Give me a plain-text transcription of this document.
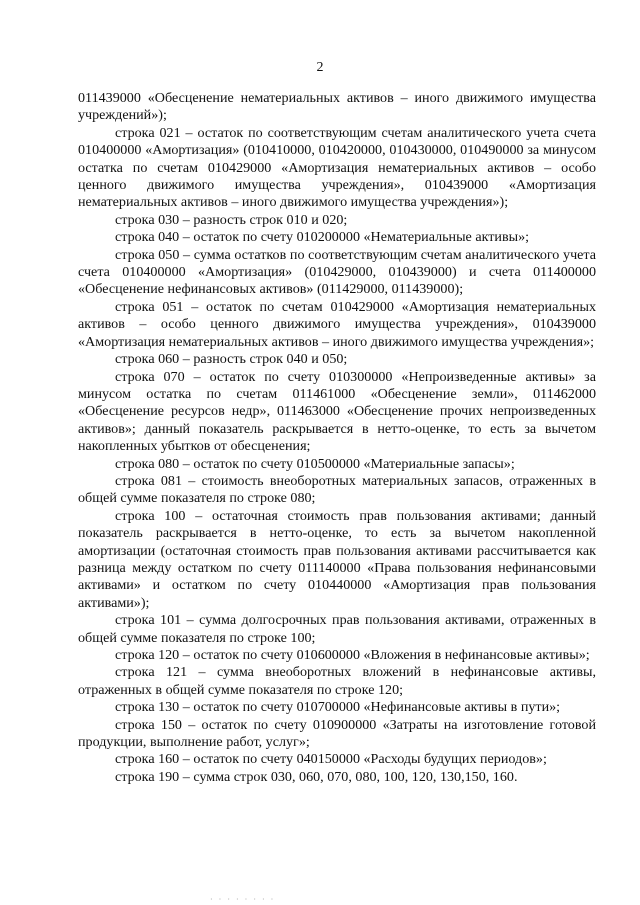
2

011439000 «Обесценение нематериальных активов – иного движимого имущества учреждений»);

строка 021 – остаток по соответствующим счетам аналитического учета счета 010400000 «Амортизация» (010410000, 010420000, 010430000, 010490000 за минусом остатка по счетам 010429000 «Амортизация нематериальных активов – особо ценного движимого имущества учреждения», 010439000 «Амортизация нематериальных активов – иного движимого имущества учреждения»);

строка 030 – разность строк 010 и 020;

строка 040 – остаток по счету 010200000 «Нематериальные активы»;

строка 050 – сумма остатков по соответствующим счетам аналитического учета счета 010400000 «Амортизация» (010429000, 010439000) и счета 011400000 «Обесценение нефинансовых активов» (011429000, 011439000);

строка 051 – остаток по счетам 010429000 «Амортизация нематериальных активов – особо ценного движимого имущества учреждения», 010439000 «Амортизация нематериальных активов – иного движимого имущества учреждения»;

строка 060 – разность строк 040 и 050;

строка 070 – остаток по счету 010300000 «Непроизведенные активы» за минусом остатка по счетам 011461000 «Обесценение земли», 011462000 «Обесценение ресурсов недр», 011463000 «Обесценение прочих непроизведенных активов»; данный показатель раскрывается в нетто-оценке, то есть за вычетом накопленных убытков от обесценения;

строка 080 – остаток по счету 010500000 «Материальные запасы»;

строка 081 – стоимость внеоборотных материальных запасов, отраженных в общей сумме показателя по строке 080;

строка 100 – остаточная стоимость прав пользования активами; данный показатель раскрывается в нетто-оценке, то есть за вычетом накопленной амортизации (остаточная стоимость прав пользования активами рассчитывается как разница между остатком по счету 011140000 «Права пользования нефинансовыми активами» и остатком по счету 010440000 «Амортизация прав пользования активами»);

строка 101 – сумма долгосрочных прав пользования активами, отраженных в общей сумме показателя по строке 100;

строка 120 – остаток по счету 010600000 «Вложения в нефинансовые активы»;

строка 121 – сумма внеоборотных вложений в нефинансовые активы, отраженных в общей сумме показателя по строке 120;

строка 130 – остаток по счету 010700000 «Нефинансовые активы в пути»;

строка 150 – остаток по счету 010900000 «Затраты на изготовление готовой продукции, выполнение работ, услуг»;

строка 160 – остаток по счету 040150000 «Расходы будущих периодов»;

строка 190 – сумма строк 030, 060, 070, 080, 100, 120, 130,150, 160.

· · · · · · · ·
